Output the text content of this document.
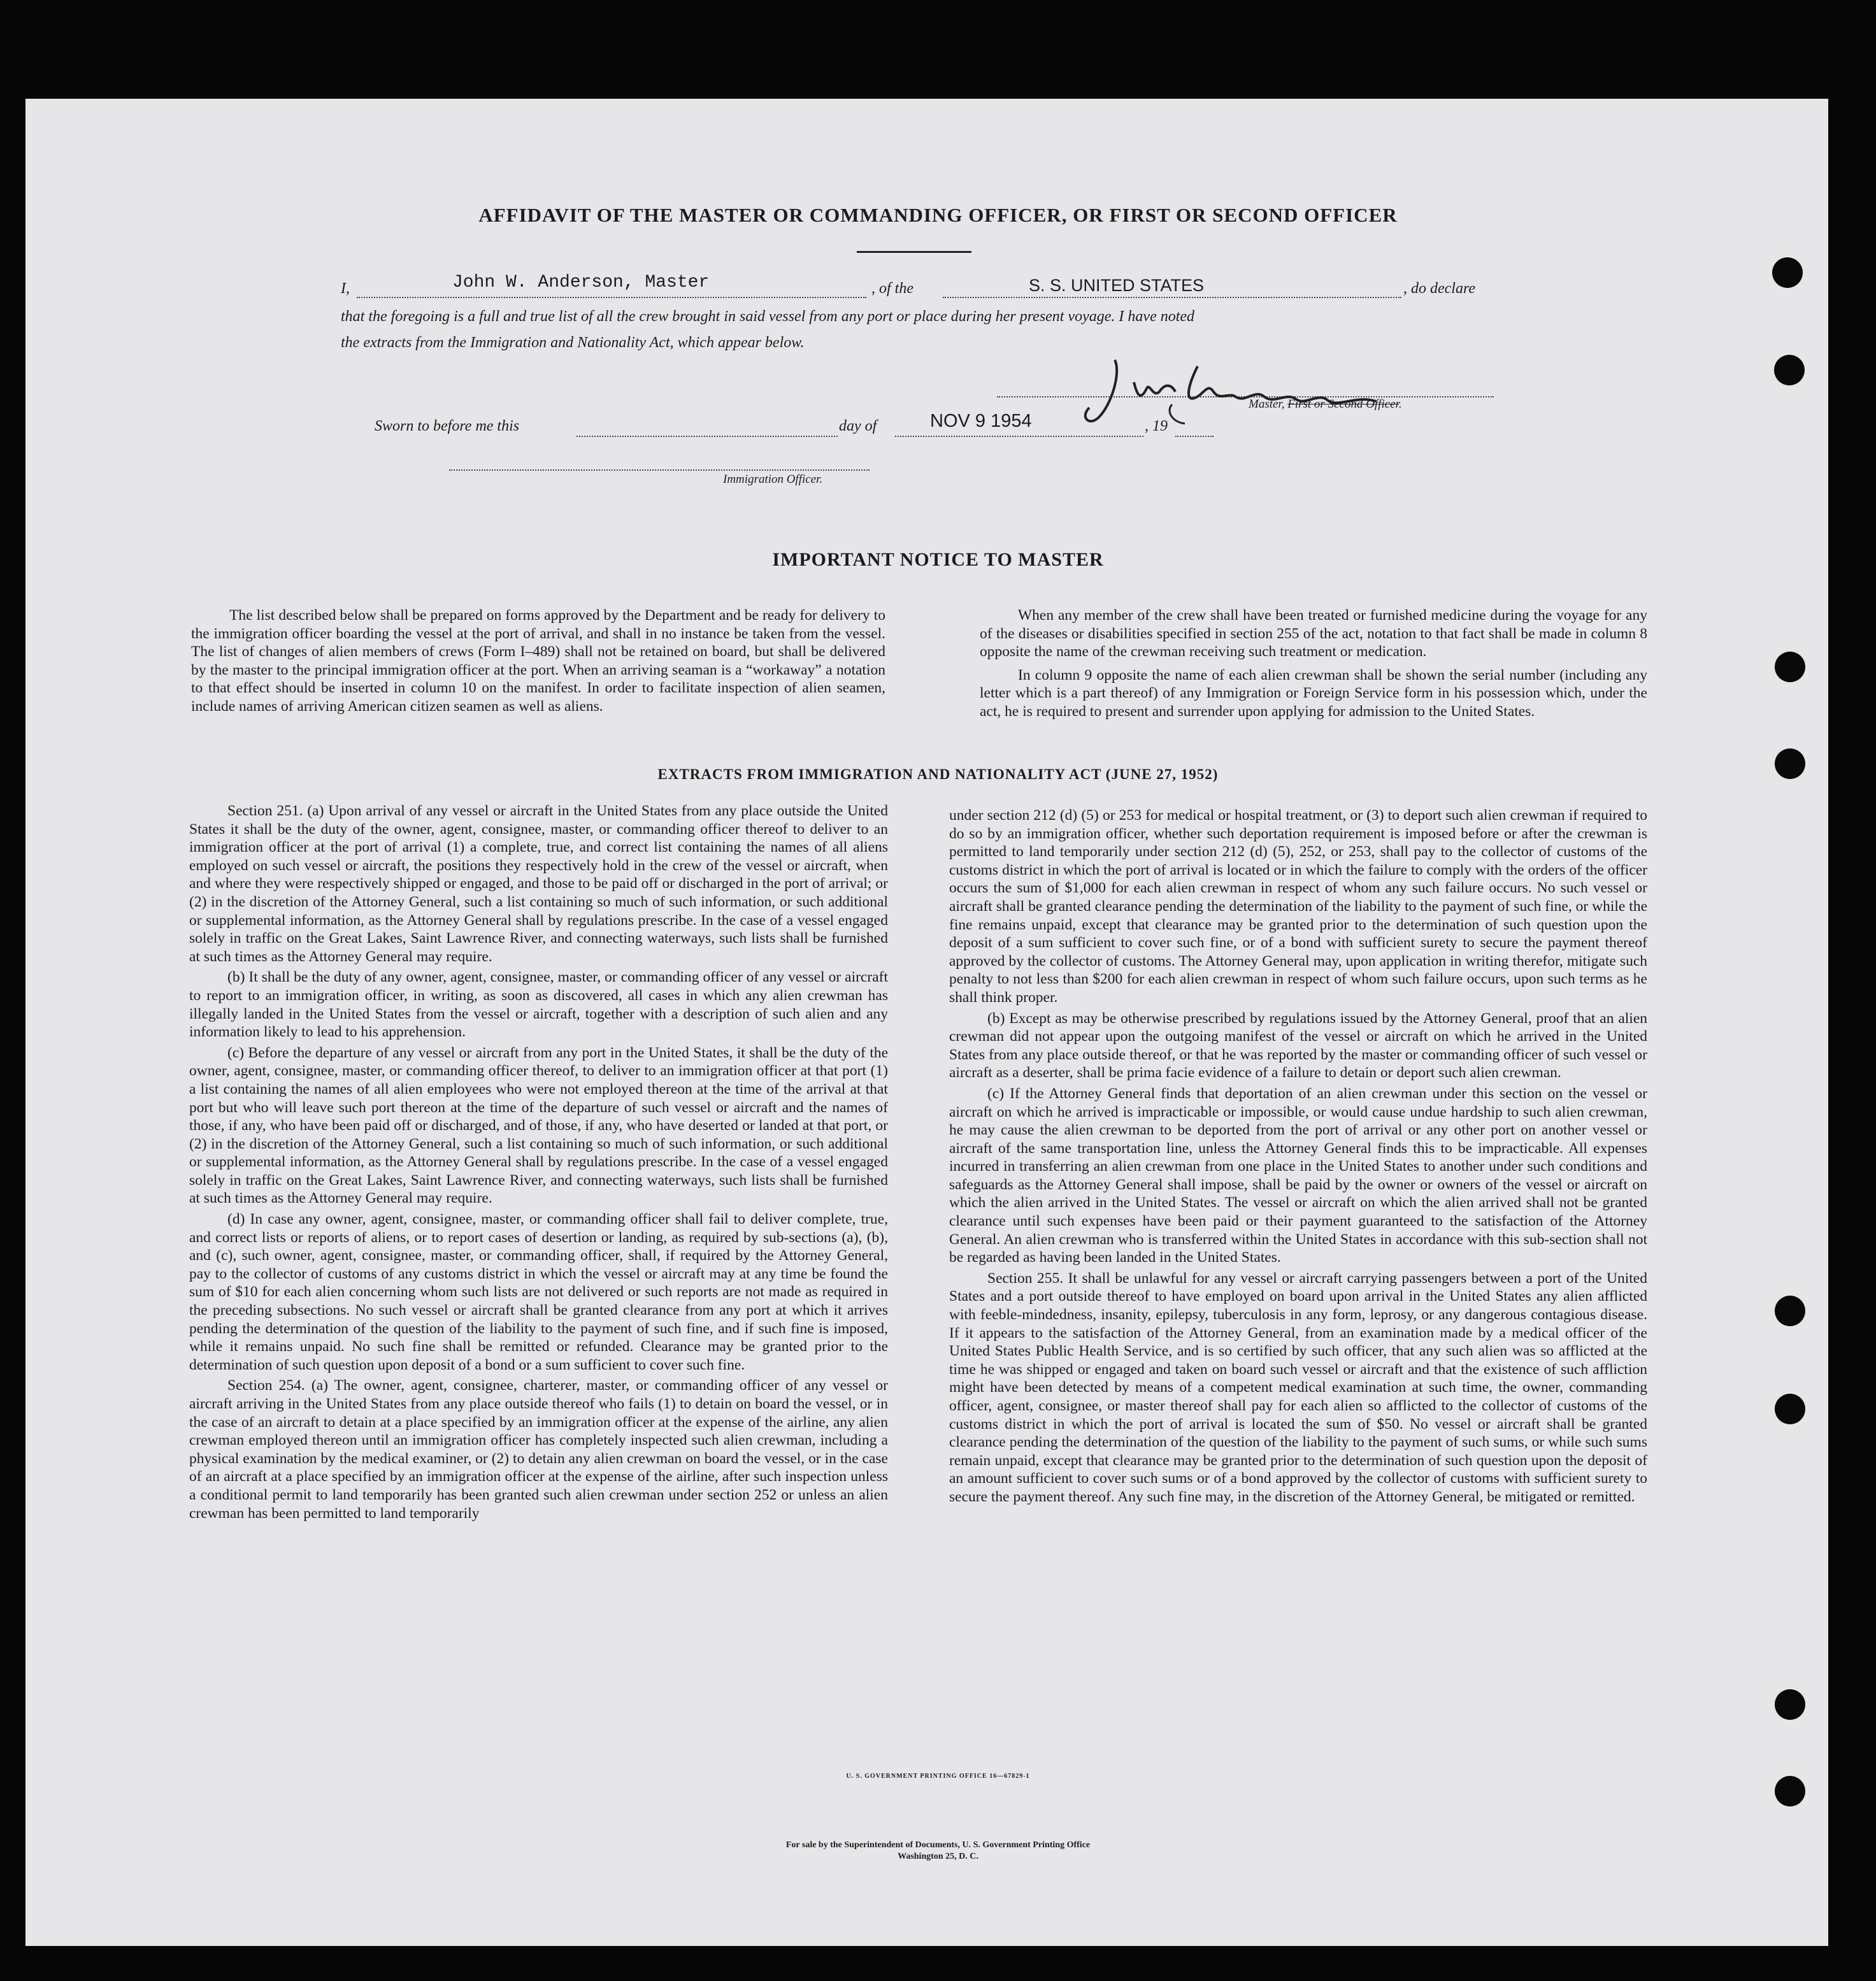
AFFIDAVIT OF THE MASTER OR COMMANDING OFFICER, OR FIRST OR SECOND OFFICER
I,	John W. Anderson, Master	, of the	S. S. UNITED STATES	, do declare
that the foregoing is a full and true list of all the crew brought in said vessel from any port or place during her present voyage. I have noted
the extracts from the Immigration and Nationality Act, which appear below.
Master, First or Second Officer.
Sworn to before me this	day of	NOV 9 1954	, 19
Immigration Officer.
IMPORTANT NOTICE TO MASTER

The list described below shall be prepared on forms approved by the Department and be ready for delivery to the immigration officer boarding the vessel at the port of arrival, and shall in no instance be taken from the vessel. The list of changes of alien members of crews (Form I–489) shall not be retained on board, but shall be delivered by the master to the principal immigration officer at the port. When an arriving seaman is a “workaway” a notation to that effect should be inserted in column 10 on the manifest. In order to facilitate inspection of alien seamen, include names of arriving American citizen seamen as well as aliens.

When any member of the crew shall have been treated or furnished medicine during the voyage for any of the diseases or disabilities specified in section 255 of the act, notation to that fact shall be made in column 8 opposite the name of the crewman receiving such treatment or medication.

In column 9 opposite the name of each alien crewman shall be shown the serial number (including any letter which is a part thereof) of any Immigration or Foreign Service form in his possession which, under the act, he is required to present and surrender upon applying for admission to the United States.

EXTRACTS FROM IMMIGRATION AND NATIONALITY ACT (JUNE 27, 1952)

Section 251. (a) Upon arrival of any vessel or aircraft in the United States from any place outside the United States it shall be the duty of the owner, agent, consignee, master, or commanding officer thereof to deliver to an immigration officer at the port of arrival (1) a complete, true, and correct list containing the names of all aliens employed on such vessel or aircraft, the positions they respectively hold in the crew of the vessel or aircraft, when and where they were respectively shipped or engaged, and those to be paid off or discharged in the port of arrival; or (2) in the discretion of the Attorney General, such a list containing so much of such information, or such additional or supplemental information, as the Attorney General shall by regulations prescribe. In the case of a vessel engaged solely in traffic on the Great Lakes, Saint Lawrence River, and connecting waterways, such lists shall be furnished at such times as the Attorney General may require.

(b) It shall be the duty of any owner, agent, consignee, master, or commanding officer of any vessel or aircraft to report to an immigration officer, in writing, as soon as discovered, all cases in which any alien crewman has illegally landed in the United States from the vessel or aircraft, together with a description of such alien and any information likely to lead to his apprehension.

(c) Before the departure of any vessel or aircraft from any port in the United States, it shall be the duty of the owner, agent, consignee, master, or commanding officer thereof, to deliver to an immigration officer at that port (1) a list containing the names of all alien employees who were not employed thereon at the time of the arrival at that port but who will leave such port thereon at the time of the departure of such vessel or aircraft and the names of those, if any, who have been paid off or discharged, and of those, if any, who have deserted or landed at that port, or (2) in the discretion of the Attorney General, such a list containing so much of such information, or such additional or supplemental information, as the Attorney General shall by regulations prescribe. In the case of a vessel engaged solely in traffic on the Great Lakes, Saint Lawrence River, and connecting waterways, such lists shall be furnished at such times as the Attorney General may require.

(d) In case any owner, agent, consignee, master, or commanding officer shall fail to deliver complete, true, and correct lists or reports of aliens, or to report cases of desertion or landing, as required by sub-sections (a), (b), and (c), such owner, agent, consignee, master, or commanding officer, shall, if required by the Attorney General, pay to the collector of customs of any customs district in which the vessel or aircraft may at any time be found the sum of $10 for each alien concerning whom such lists are not delivered or such reports are not made as required in the preceding subsections. No such vessel or aircraft shall be granted clearance from any port at which it arrives pending the determination of the question of the liability to the payment of such fine, and if such fine is imposed, while it remains unpaid. No such fine shall be remitted or refunded. Clearance may be granted prior to the determination of such question upon deposit of a bond or a sum sufficient to cover such fine.

Section 254. (a) The owner, agent, consignee, charterer, master, or commanding officer of any vessel or aircraft arriving in the United States from any place outside thereof who fails (1) to detain on board the vessel, or in the case of an aircraft to detain at a place specified by an immigration officer at the expense of the airline, any alien crewman employed thereon until an immigration officer has completely inspected such alien crewman, including a physical examination by the medical examiner, or (2) to detain any alien crewman on board the vessel, or in the case of an aircraft at a place specified by an immigration officer at the expense of the airline, after such inspection unless a conditional permit to land temporarily has been granted such alien crewman under section 252 or unless an alien crewman has been permitted to land temporarily

under section 212 (d) (5) or 253 for medical or hospital treatment, or (3) to deport such alien crewman if required to do so by an immigration officer, whether such deportation requirement is imposed before or after the crewman is permitted to land temporarily under section 212 (d) (5), 252, or 253, shall pay to the collector of customs of the customs district in which the port of arrival is located or in which the failure to comply with the orders of the officer occurs the sum of $1,000 for each alien crewman in respect of whom any such failure occurs. No such vessel or aircraft shall be granted clearance pending the determination of the liability to the payment of such fine, or while the fine remains unpaid, except that clearance may be granted prior to the determination of such question upon the deposit of a sum sufficient to cover such fine, or of a bond with sufficient surety to secure the payment thereof approved by the collector of customs. The Attorney General may, upon application in writing therefor, mitigate such penalty to not less than $200 for each alien crewman in respect of whom such failure occurs, upon such terms as he shall think proper.

(b) Except as may be otherwise prescribed by regulations issued by the Attorney General, proof that an alien crewman did not appear upon the outgoing manifest of the vessel or aircraft on which he arrived in the United States from any place outside thereof, or that he was reported by the master or commanding officer of such vessel or aircraft as a deserter, shall be prima facie evidence of a failure to detain or deport such alien crewman.

(c) If the Attorney General finds that deportation of an alien crewman under this section on the vessel or aircraft on which he arrived is impracticable or impossible, or would cause undue hardship to such alien crewman, he may cause the alien crewman to be deported from the port of arrival or any other port on another vessel or aircraft of the same transportation line, unless the Attorney General finds this to be impracticable. All expenses incurred in transferring an alien crewman from one place in the United States to another under such conditions and safeguards as the Attorney General shall impose, shall be paid by the owner or owners of the vessel or aircraft on which the alien arrived in the United States. The vessel or aircraft on which the alien arrived shall not be granted clearance until such expenses have been paid or their payment guaranteed to the satisfaction of the Attorney General. An alien crewman who is transferred within the United States in accordance with this sub-section shall not be regarded as having been landed in the United States.

Section 255. It shall be unlawful for any vessel or aircraft carrying passengers between a port of the United States and a port outside thereof to have employed on board upon arrival in the United States any alien afflicted with feeble-mindedness, insanity, epilepsy, tuberculosis in any form, leprosy, or any dangerous contagious disease. If it appears to the satisfaction of the Attorney General, from an examination made by a medical officer of the United States Public Health Service, and is so certified by such officer, that any such alien was so afflicted at the time he was shipped or engaged and taken on board such vessel or aircraft and that the existence of such affliction might have been detected by means of a competent medical examination at such time, the owner, commanding officer, agent, consignee, or master thereof shall pay for each alien so afflicted to the collector of customs of the customs district in which the port of arrival is located the sum of $50. No vessel or aircraft shall be granted clearance pending the determination of the question of the liability to the payment of such sums, or while such sums remain unpaid, except that clearance may be granted prior to the determination of such question upon the deposit of an amount sufficient to cover such sums or of a bond approved by the collector of customs with sufficient surety to secure the payment thereof. Any such fine may, in the discretion of the Attorney General, be mitigated or remitted.

U. S. GOVERNMENT PRINTING OFFICE 16—67829-1
For sale by the Superintendent of Documents, U. S. Government Printing Office
Washington 25, D. C.
